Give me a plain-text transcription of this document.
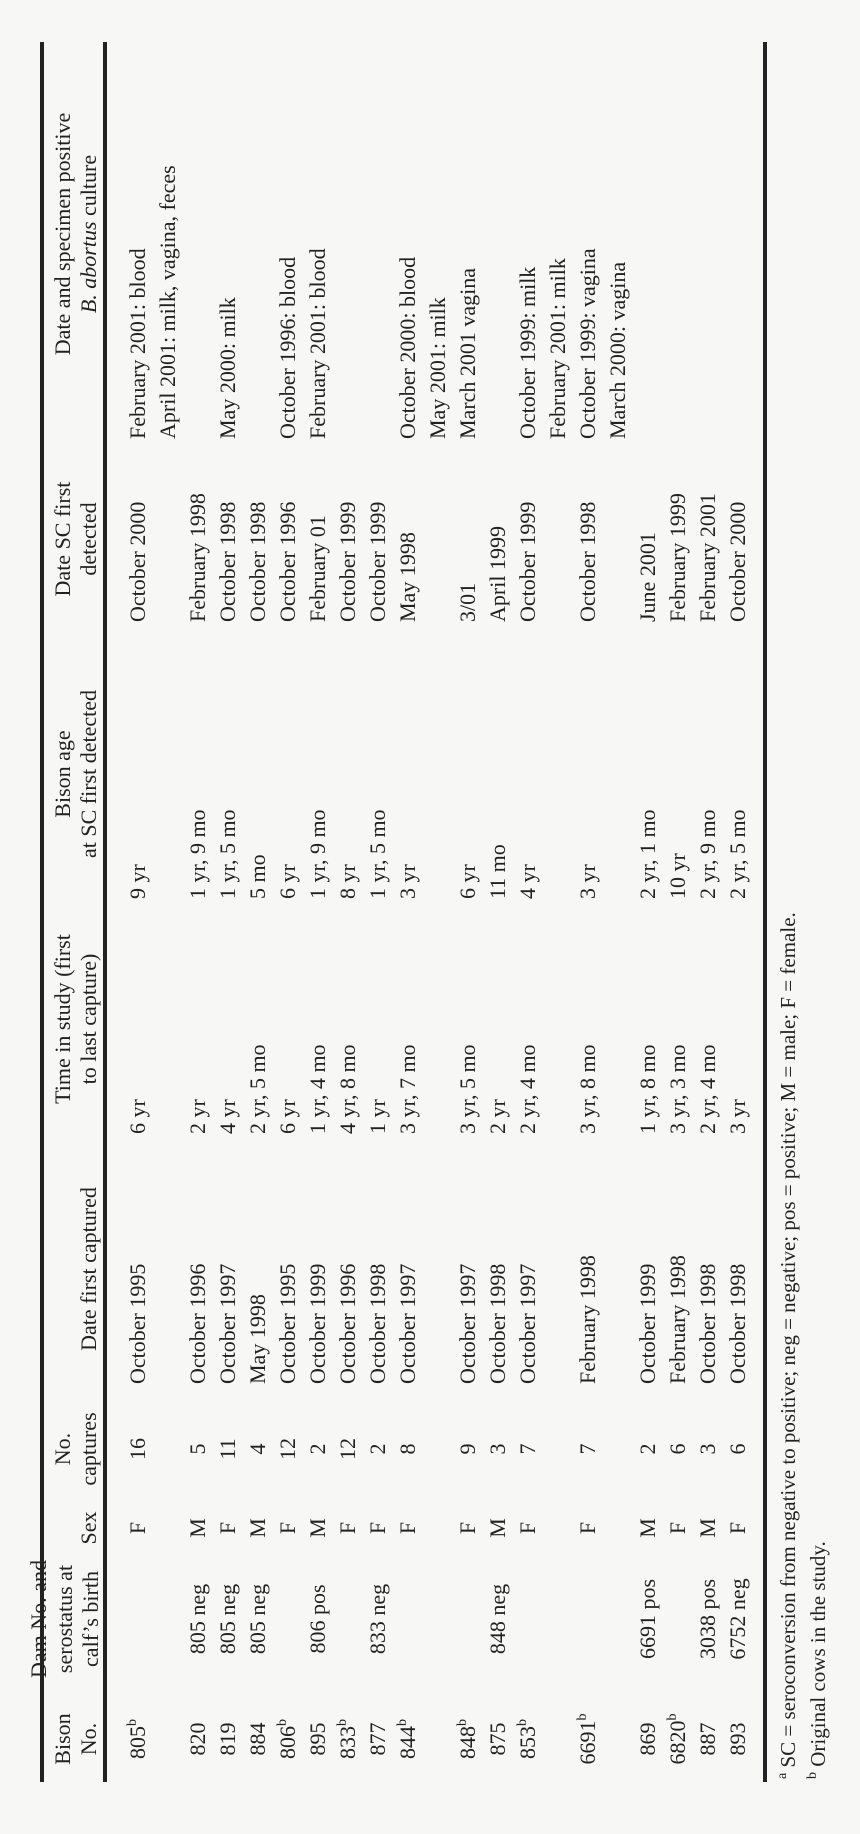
Bison No.
Dam No. and serostatus at calf’s birth
Sex
No. captures
Date first captured
Time in study (first to last capture)
Bison age at SC first detected
Date SC first detected
Date and specimen positive B. abortus culture
805$^b$
F
16
October 1995
6 yr
9 yr
October 2000
February 2001: blood April 2001: milk, vagina, feces
820
805 neg
M
5
October 1996
2 yr
1 yr, 9 mo
February 1998
819
805 neg
F
11
October 1997
4 yr
1 yr, 5 mo
October 1998
May 2000: milk
884
805 neg
M
4
May 1998
2 yr, 5 mo
5 mo
October 1998
806$^b$
F
12
October 1995
6 yr
6 yr
October 1996
October 1996: blood
895
806 pos
M
2
October 1999
1 yr, 4 mo
1 yr, 9 mo
February 01
February 2001: blood
833$^b$
F
12
October 1996
4 yr, 8 mo
8 yr
October 1999
877
833 neg
F
2
October 1998
1 yr
1 yr, 5 mo
October 1999
844$^b$
F
8
October 1997
3 yr, 7 mo
3 yr
May 1998
October 2000: blood May 2001: milk
848$^b$
F
9
October 1997
3 yr, 5 mo
6 yr
3/01
March 2001 vagina
875
848 neg
M
3
October 1998
2 yr
11 mo
April 1999
853$^b$
F
7
October 1997
2 yr, 4 mo
4 yr
October 1999
October 1999: milk February 2001: milk
6691$^b$
F
7
February 1998
3 yr, 8 mo
3 yr
October 1998
October 1999: vagina March 2000: vagina
869
6691 pos
M
2
October 1999
1 yr, 8 mo
2 yr, 1 mo
June 2001
6820$^b$
F
6
February 1998
3 yr, 3 mo
10 yr
February 1999
887
3038 pos
M
3
October 1998
2 yr, 4 mo
2 yr, 9 mo
February 2001
893
6752 neg
F
6
October 1998
3 yr
2 yr, 5 mo
October 2000
$^a$ SC = seroconversion from negative to positive; neg = negative; pos = positive; M = male; F = female.
$^b$ Original cows in the study.
